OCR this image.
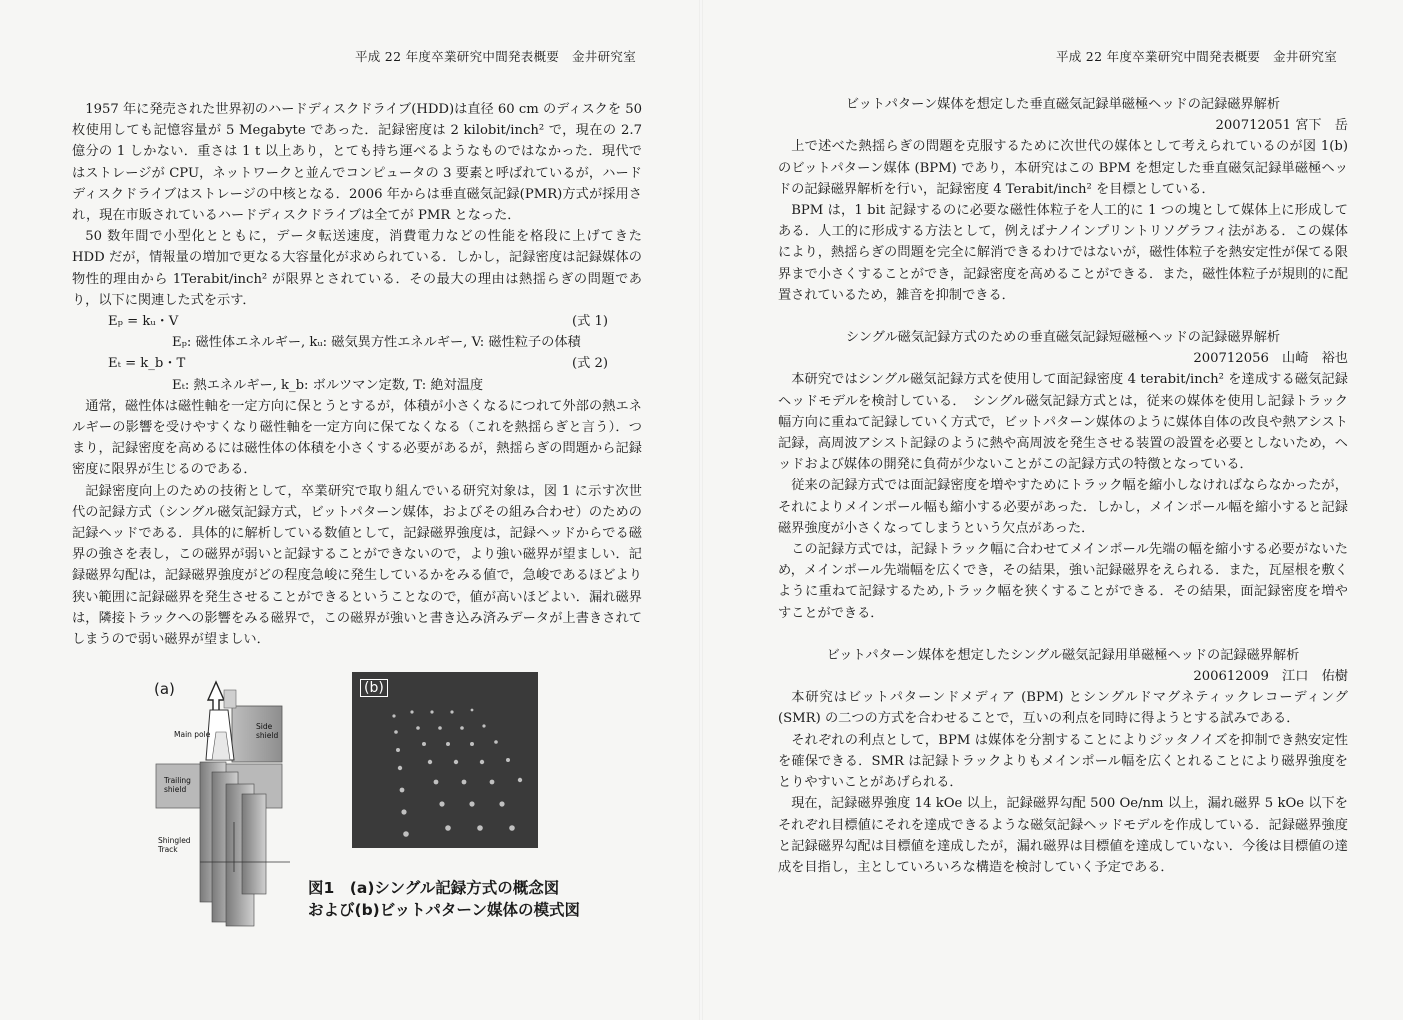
平成 22 年度卒業研究中間発表概要　金井研究室

1957 年に発売された世界初のハードディスクドライブ(HDD)は直径 60 cm のディスクを 50 枚使用しても記憶容量が 5 Megabyte であった．記録密度は 2 kilobit/inch² で，現在の 2.7 億分の 1 しかない．重さは 1 t 以上あり，とても持ち運べるようなものではなかった．現代ではストレージが CPU，ネットワークと並んでコンピュータの 3 要素と呼ばれているが，ハードディスクドライブはストレージの中核となる．2006 年からは垂直磁気記録(PMR)方式が採用され，現在市販されているハードディスクドライブは全てが PMR となった．

50 数年間で小型化とともに，データ転送速度，消費電力などの性能を格段に上げてきた HDD だが，情報量の増加で更なる大容量化が求められている．しかし，記録密度は記録媒体の物性的理由から 1Terabit/inch² が限界とされている．その最大の理由は熱揺らぎの問題であり，以下に関連した式を示す．

Eₚ = kᵤ・V	(式 1)
Eₚ: 磁性体エネルギー, kᵤ: 磁気異方性エネルギー, V: 磁性粒子の体積
Eₜ = k_b・T	(式 2)
Eₜ: 熱エネルギー, k_b: ボルツマン定数, T: 絶対温度

通常，磁性体は磁性軸を一定方向に保とうとするが，体積が小さくなるにつれて外部の熱エネルギーの影響を受けやすくなり磁性軸を一定方向に保てなくなる（これを熱揺らぎと言う）．つまり，記録密度を高めるには磁性体の体積を小さくする必要があるが，熱揺らぎの問題から記録密度に限界が生じるのである．

記録密度向上のための技術として，卒業研究で取り組んでいる研究対象は，図 1 に示す次世代の記録方式（シングル磁気記録方式，ビットパターン媒体，およびその組み合わせ）のための記録ヘッドである．具体的に解析している数値として，記録磁界強度は，記録ヘッドからでる磁界の強さを表し，この磁界が弱いと記録することができないので，より強い磁界が望ましい．記録磁界勾配は，記録磁界強度がどの程度急峻に発生しているかをみる値で，急峻であるほどより狭い範囲に記録磁界を発生させることができるということなので，値が高いほどよい．漏れ磁界は，隣接トラックへの影響をみる磁界で，この磁界が強いと書き込み済みデータが上書きされてしまうので弱い磁界が望ましい．

(a)
Main pole
Side shield
Trailing shield
Shingled Track
(b)
図1　(a)シングル記録方式の概念図
および(b)ビットパターン媒体の模式図
平成 22 年度卒業研究中間発表概要　金井研究室

ビットパターン媒体を想定した垂直磁気記録単磁極ヘッドの記録磁界解析

200712051 宮下　岳

上で述べた熱揺らぎの問題を克服するために次世代の媒体として考えられているのが図 1(b)のビットパターン媒体 (BPM) であり，本研究はこの BPM を想定した垂直磁気記録単磁極ヘッドの記録磁界解析を行い，記録密度 4 Terabit/inch² を目標としている．

BPM は，1 bit 記録するのに必要な磁性体粒子を人工的に 1 つの塊として媒体上に形成してある．人工的に形成する方法として，例えばナノインプリントリソグラフィ法がある．この媒体により，熱揺らぎの問題を完全に解消できるわけではないが，磁性体粒子を熱安定性が保てる限界まで小さくすることができ，記録密度を高めることができる．また，磁性体粒子が規則的に配置されているため，雑音を抑制できる．

シングル磁気記録方式のための垂直磁気記録短磁極ヘッドの記録磁界解析

200712056　山崎　裕也

本研究ではシングル磁気記録方式を使用して面記録密度 4 terabit/inch² を達成する磁気記録ヘッドモデルを検討している．　シングル磁気記録方式とは，従来の媒体を使用し記録トラック幅方向に重ねて記録していく方式で，ビットパターン媒体のように媒体自体の改良や熱アシスト記録，高周波アシスト記録のように熱や高周波を発生させる装置の設置を必要としないため，ヘッドおよび媒体の開発に負荷が少ないことがこの記録方式の特徴となっている．

従来の記録方式では面記録密度を増やすためにトラック幅を縮小しなければならなかったが，それによりメインポール幅も縮小する必要があった．しかし，メインポール幅を縮小すると記録磁界強度が小さくなってしまうという欠点があった．

この記録方式では，記録トラック幅に合わせてメインポール先端の幅を縮小する必要がないため，メインポール先端幅を広くでき，その結果，強い記録磁界をえられる．また，瓦屋根を敷くように重ねて記録するため,トラック幅を狭くすることができる．その結果，面記録密度を増やすことができる．

ビットパターン媒体を想定したシングル磁気記録用単磁極ヘッドの記録磁界解析

200612009　江口　佑樹

本研究はビットパターンドメディア (BPM) とシングルドマグネティックレコーディング (SMR) の二つの方式を合わせることで，互いの利点を同時に得ようとする試みである．

それぞれの利点として，BPM は媒体を分割することによりジッタノイズを抑制でき熱安定性を確保できる．SMR は記録トラックよりもメインポール幅を広くとれることにより磁界強度をとりやすいことがあげられる．

現在，記録磁界強度 14 kOe 以上，記録磁界勾配 500 Oe/nm 以上，漏れ磁界 5 kOe 以下をそれぞれ目標値にそれを達成できるような磁気記録ヘッドモデルを作成している．記録磁界強度と記録磁界勾配は目標値を達成したが，漏れ磁界は目標値を達成していない．今後は目標値の達成を目指し，主としていろいろな構造を検討していく予定である．
